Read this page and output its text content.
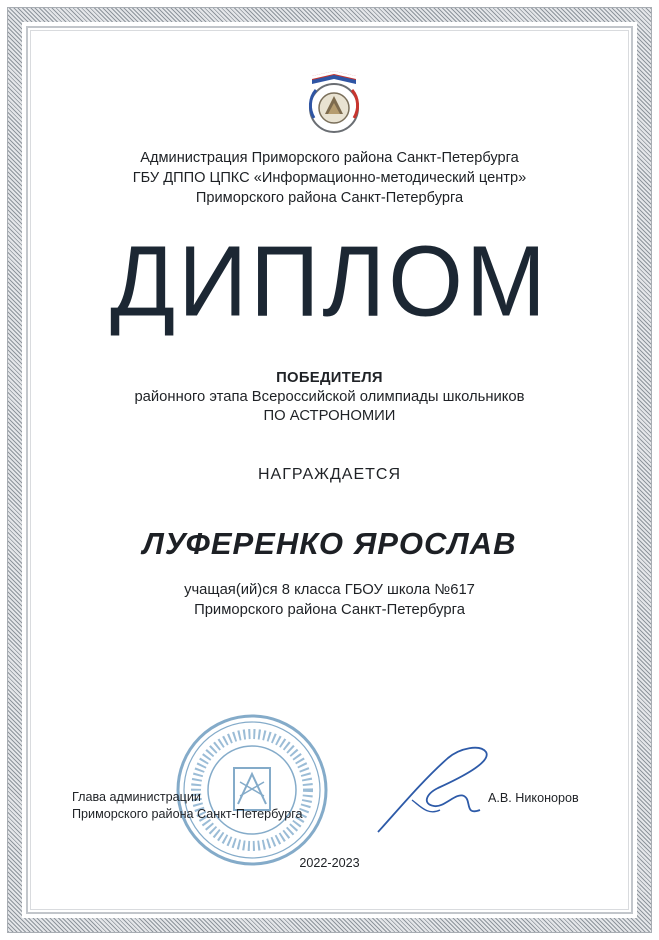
Администрация Приморского района Санкт-Петербурга
ГБУ ДППО ЦПКС «Информационно-методический центр»
Приморского района Санкт-Петербурга
ДИПЛОМ
ПОБЕДИТЕЛЯ
районного этапа Всероссийской олимпиады школьников
ПО АСТРОНОМИИ
НАГРАЖДАЕТСЯ
ЛУФЕРЕНКО ЯРОСЛАВ
учащая(ий)ся 8 класса ГБОУ школа №617
Приморского района Санкт-Петербурга
Глава администрации
Приморского района Санкт-Петербурга
А.В. Никоноров
2022-2023
